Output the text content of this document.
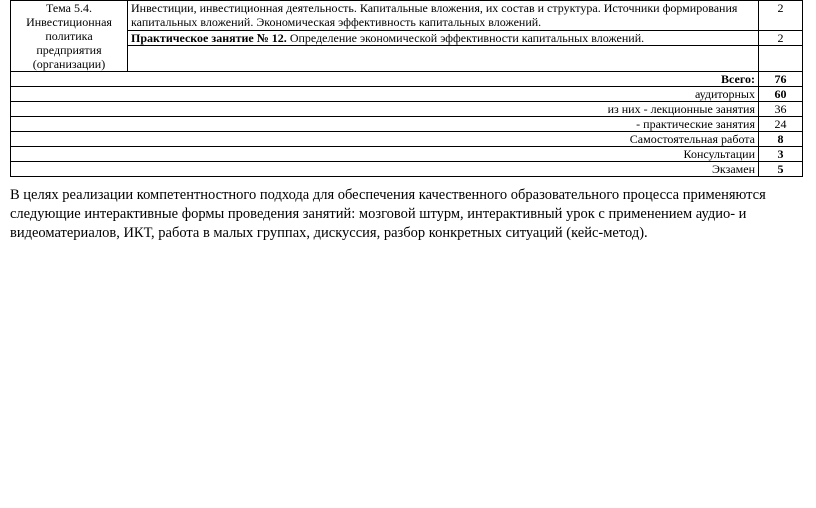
Тема 5.4. Инвестиционная политика предприятия (организации)	Инвестиции, инвестиционная деятельность. Капитальные вложения, их состав и структура. Источники формирования капитальных вложений. Экономическая эффективность капитальных вложений.	2
	Практическое занятие № 12. Определение экономической эффективности капитальных вложений.	2

Всего:		76
аудиторных		60
из них - лекционные занятия		36
- практические занятия		24
Самостоятельная работа		8
Консультации		3
Экзамен		5

В целях реализации компетентностного подхода для обеспечения качественного образовательного процесса применяются следующие интерактивные формы проведения занятий: мозговой штурм, интерактивный урок с применением аудио- и видеоматериалов, ИКТ, работа в малых группах, дискуссия, разбор конкретных ситуаций (кейс-метод).
